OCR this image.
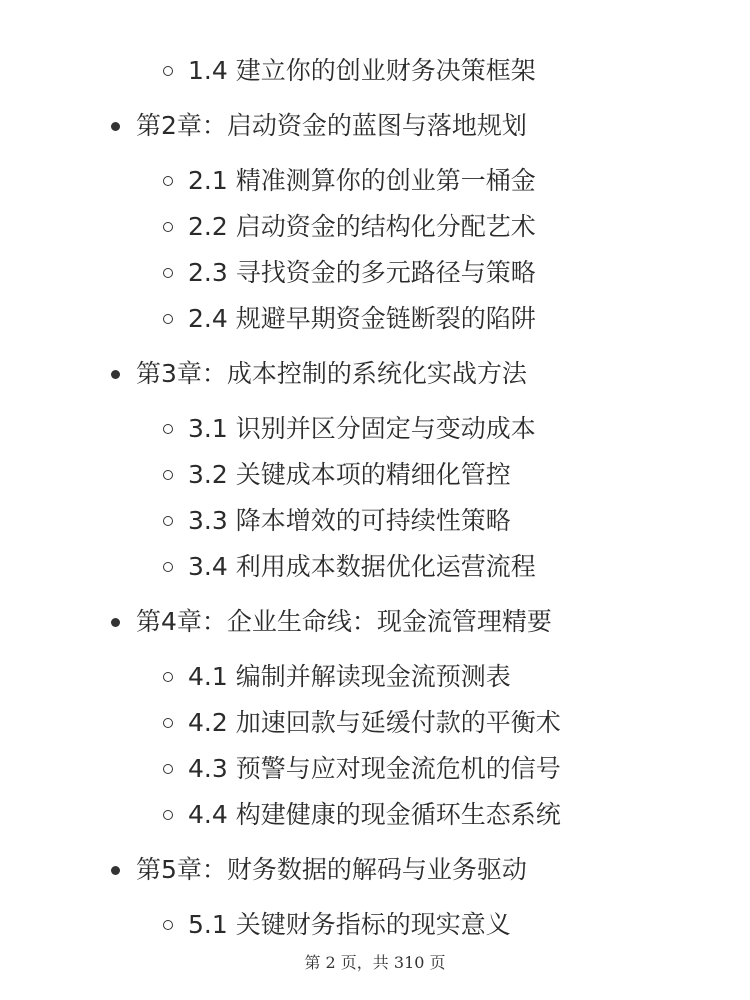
1.4 建立你的创业财务决策框架
第2章：启动资金的蓝图与落地规划
2.1 精准测算你的创业第一桶金
2.2 启动资金的结构化分配艺术
2.3 寻找资金的多元路径与策略
2.4 规避早期资金链断裂的陷阱
第3章：成本控制的系统化实战方法
3.1 识别并区分固定与变动成本
3.2 关键成本项的精细化管控
3.3 降本增效的可持续性策略
3.4 利用成本数据优化运营流程
第4章：企业生命线：现金流管理精要
4.1 编制并解读现金流预测表
4.2 加速回款与延缓付款的平衡术
4.3 预警与应对现金流危机的信号
4.4 构建健康的现金循环生态系统
第5章：财务数据的解码与业务驱动
5.1 关键财务指标的现实意义
第 2 页，共 310 页
